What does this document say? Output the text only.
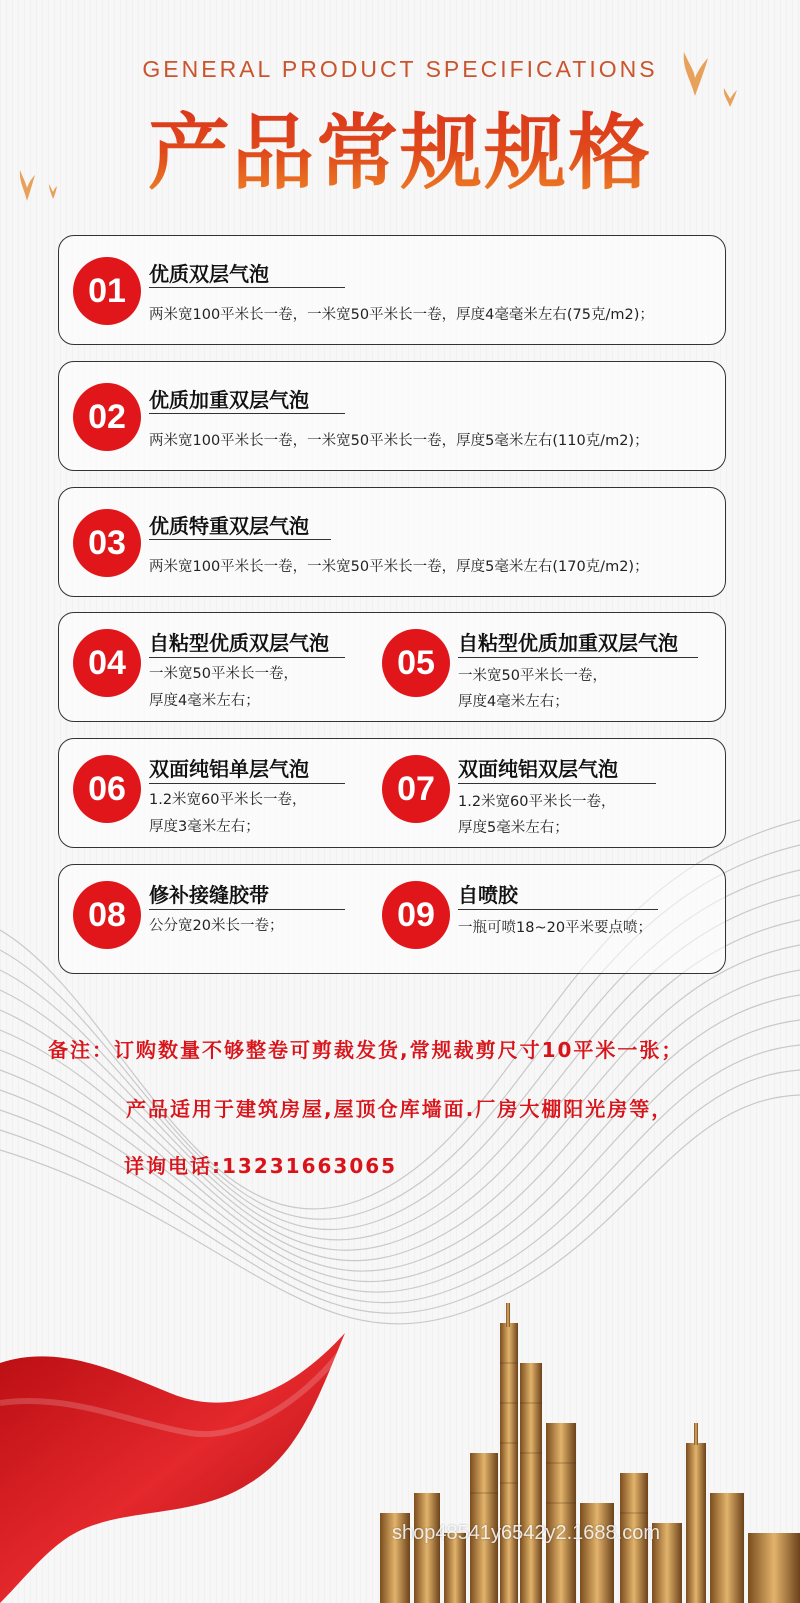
GENERAL PRODUCT SPECIFICATIONS
产品常规规格
01	优质双层气泡
两米宽100平米长一卷，一米宽50平米长一卷，厚度4毫毫米左右(75克/m2)；
02	优质加重双层气泡
两米宽100平米长一卷，一米宽50平米长一卷，厚度5毫米左右(110克/m2)；
03	优质特重双层气泡
两米宽100平米长一卷，一米宽50平米长一卷，厚度5毫米左右(170克/m2)；
04
自粘型优质双层气泡
一米宽50平米长一卷，
厚度4毫米左右；
05
自粘型优质加重双层气泡
一米宽50平米长一卷，
厚度4毫米左右；
06
双面纯铝单层气泡
1.2米宽60平米长一卷，
厚度3毫米左右；
07
双面纯铝双层气泡
1.2米宽60平米长一卷，
厚度5毫米左右；
08
修补接缝胶带
公分宽20米长一卷；	09
自喷胶
一瓶可喷18~20平米要点喷；
备注：订购数量不够整卷可剪裁发货,常规裁剪尺寸10平米一张；
产品适用于建筑房屋,屋顶仓库墙面.厂房大棚阳光房等，
详询电话:13231663065
shop48541y6542y2.1688.com
